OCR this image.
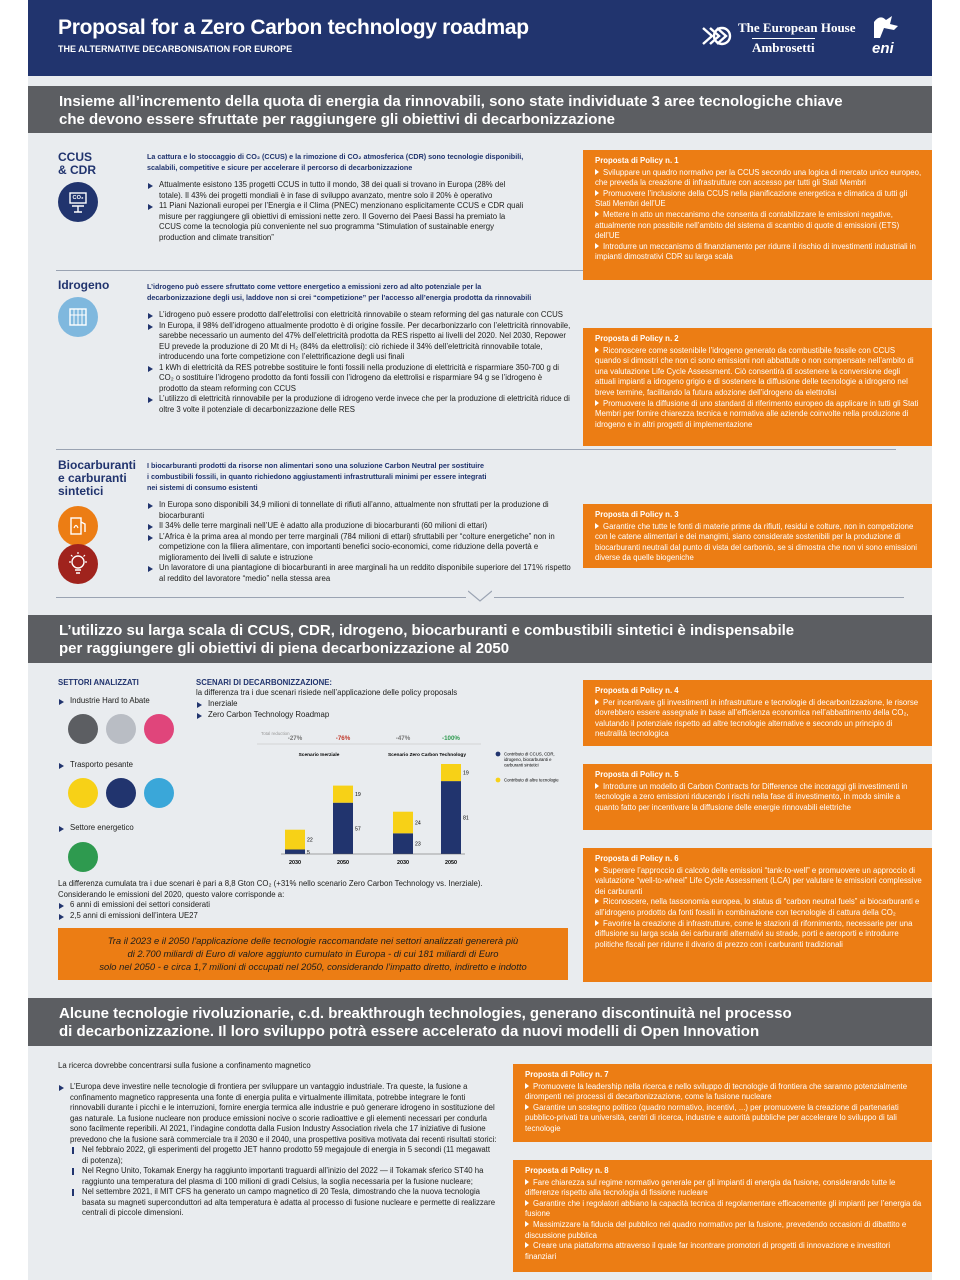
Proposal for a Zero Carbon technology roadmap
THE ALTERNATIVE DECARBONISATION FOR EUROPE
The European House
Ambrosetti	eni
Insieme all’incremento della quota di energia da rinnovabili, sono state individuate 3 aree tecnologiche chiave
che devono essere sfruttate per raggiungere gli obiettivi di decarbonizzazione
CCUS
& CDR
CO₂
La cattura e lo stoccaggio di CO₂ (CCUS) e la rimozione di CO₂ atmosferica (CDR) sono tecnologie disponibili,
scalabili, competitive e sicure per accelerare il percorso di decarbonizzazione
Attualmente esistono 135 progetti CCUS in tutto il mondo, 38 dei quali si trovano in Europa (28% del totale). Il 43% dei progetti mondiali è in fase di sviluppo avanzato, mentre solo il 20% è operativo
11 Piani Nazionali europei per l’Energia e il Clima (PNEC) menzionano esplicitamente CCUS e CDR quali misure per raggiungere gli obiettivi di emissioni nette zero. Il Governo dei Paesi Bassi ha premiato la CCUS come la tecnologia più conveniente nel suo programma “Stimulation of sustainable energy production and climate transition”
Idrogeno	L’idrogeno può essere sfruttato come vettore energetico a emissioni zero ad alto potenziale per la
decarbonizzazione degli usi, laddove non si crei “competizione” per l’accesso all’energia prodotta da rinnovabili
L’idrogeno può essere prodotto dall’elettrolisi con elettricità rinnovabile o steam reforming del gas naturale con CCUS
In Europa, il 98% dell’idrogeno attualmente prodotto è di origine fossile. Per decarbonizzarlo con l’elettricità rinnovabile, sarebbe necessario un aumento del 47% dell’elettricità prodotta da RES rispetto ai livelli del 2020. Nel 2030, Repower EU prevede la produzione di 20 Mt di H₂ (84% da elettrolisi): ciò richiede il 34% dell’elettricità rinnovabile totale, introducendo una forte competizione con l’elettrificazione degli usi finali
1 kWh di elettricità da RES potrebbe sostituire le fonti fossili nella produzione di elettricità e risparmiare 350-700 g di CO₂ o sostituire l’idrogeno prodotto da fonti fossili con l’idrogeno da elettrolisi e risparmiare 94 g se l’idrogeno è prodotto da steam reforming con CCUS
L’utilizzo di elettricità rinnovabile per la produzione di idrogeno verde invece che per la produzione di elettricità riduce di oltre 3 volte il potenziale di decarbonizzazione delle RES
Biocarburanti
e carburanti
sintetici
I biocarburanti prodotti da risorse non alimentari sono una soluzione Carbon Neutral per sostituire
i combustibili fossili, in quanto richiedono aggiustamenti infrastrutturali minimi per essere integrati
nei sistemi di consumo esistenti
In Europa sono disponibili 34,9 milioni di tonnellate di rifiuti all’anno, attualmente non sfruttati per la produzione di biocarburanti
Il 34% delle terre marginali nell’UE è adatto alla produzione di biocarburanti (60 milioni di ettari)
L’Africa è la prima area al mondo per terre marginali (784 milioni di ettari) sfruttabili per “colture energetiche” non in competizione con la filiera alimentare, con importanti benefici socio-economici, come riduzione della povertà e miglioramento dei livelli di salute e istruzione
Un lavoratore di una piantagione di biocarburanti in aree marginali ha un reddito disponibile superiore del 171% rispetto al reddito del lavoratore “medio” nella stessa area
Proposta di Policy n. 1
Sviluppare un quadro normativo per la CCUS secondo una logica di mercato unico europeo, che preveda la creazione di infrastrutture con accesso per tutti gli Stati Membri
Promuovere l’inclusione della CCUS nella pianificazione energetica e climatica di tutti gli Stati Membri dell’UE
Mettere in atto un meccanismo che consenta di contabilizzare le emissioni negative, attualmente non possibile nell’ambito del sistema di scambio di quote di emissioni (ETS) dell’UE
Introdurre un meccanismo di finanziamento per ridurre il rischio di investimenti industriali in impianti dimostrativi CDR su larga scala
Proposta di Policy n. 2
Riconoscere come sostenibile l’idrogeno generato da combustibile fossile con CCUS quando si dimostri che non ci sono emissioni non abbattute o non compensate nell’ambito di una valutazione Life Cycle Assessment. Ciò consentirà di sostenere la conversione degli attuali impianti a idrogeno grigio e di sostenere la diffusione delle tecnologie a idrogeno nel breve termine, facilitando la futura adozione dell’idrogeno da elettrolisi
Promuovere la diffusione di uno standard di riferimento europeo da applicare in tutti gli Stati Membri per fornire chiarezza tecnica e normativa alle aziende coinvolte nella produzione di idrogeno e in altri progetti di implementazione
Proposta di Policy n. 3
Garantire che tutte le fonti di materie prime da rifiuti, residui e colture, non in competizione con le catene alimentari e dei mangimi, siano considerate sostenibili per la produzione di biocarburanti neutrali dal punto di vista del carbonio, se si dimostra che non vi sono emissioni diverse da quelle biogeniche
L’utilizzo su larga scala di CCUS, CDR, idrogeno, biocarburanti e combustibili sintetici è indispensabile
per raggiungere gli obiettivi di piena decarbonizzazione al 2050
SETTORI ANALIZZATI
Industrie Hard to Abate
Trasporto pesante
Settore energetico
SCENARI DI DECARBONIZZAZIONE:
la differenza tra i due scenari risiede nell’applicazione delle policy proposals
Inerziale
Zero Carbon Technology Roadmap
Total reduction
-27%	-76%	-47%	-100%
Scenario Inerziale	Scenario Zero Carbon Technology
5
22
2030
57
19
2050
23
24
2030
81
19
2050
Contributo di CCUS, CDR,
idrogeno, biocarburanti e
carburanti sintetici
Contributo di altre tecnologie
La differenza cumulata tra i due scenari è pari a 8,8 Gton CO₂ (+31% nello scenario Zero Carbon Technology vs. Inerziale).
Considerando le emissioni del 2020, questo valore corrisponde a:
6 anni di emissioni dei settori considerati
2,5 anni di emissioni dell’intera UE27
Tra il 2023 e il 2050 l’applicazione delle tecnologie raccomandate nei settori analizzati genererà più
di 2.700 miliardi di Euro di valore aggiunto cumulato in Europa - di cui 181 miliardi di Euro
solo nel 2050 - e circa 1,7 milioni di occupati nel 2050, considerando l’impatto diretto, indiretto e indotto
Proposta di Policy n. 4
Per incentivare gli investimenti in infrastrutture e tecnologie di decarbonizzazione, le risorse dovrebbero essere assegnate in base all’efficienza economica nell’abbattimento della CO₂, valutando il potenziale rispetto ad altre tecnologie alternative e secondo un principio di neutralità tecnologica
Proposta di Policy n. 5
Introdurre un modello di Carbon Contracts for Difference che incoraggi gli investimenti in tecnologie a zero emissioni riducendo i rischi nella fase di investimento, in modo simile a quanto fatto per incentivare la diffusione delle energie rinnovabili elettriche
Proposta di Policy n. 6
Superare l’approccio di calcolo delle emissioni “tank-to-well” e promuovere un approccio di valutazione “well-to-wheel” Life Cycle Assessment (LCA) per valutare le emissioni complessive dei carburanti
Riconoscere, nella tassonomia europea, lo status di “carbon neutral fuels” ai biocarburanti e all’idrogeno prodotto da fonti fossili in combinazione con tecnologie di cattura della CO₂
Favorire la creazione di infrastrutture, come le stazioni di rifornimento, necessarie per una diffusione su larga scala dei carburanti alternativi su strade, porti e aeroporti e introdurre politiche fiscali per ridurre il divario di prezzo con i carburanti tradizionali
Alcune tecnologie rivoluzionarie, c.d. breakthrough technologies, generano discontinuità nel processo
di decarbonizzazione. Il loro sviluppo potrà essere accelerato da nuovi modelli di Open Innovation
La ricerca dovrebbe concentrarsi sulla fusione a confinamento magnetico
L’Europa deve investire nelle tecnologie di frontiera per sviluppare un vantaggio industriale. Tra queste, la fusione a confinamento magnetico rappresenta una fonte di energia pulita e virtualmente illimitata, potrebbe integrare le fonti rinnovabili durante i picchi e le interruzioni, fornire energia termica alle industrie e può generare idrogeno in sostituzione del gas naturale. La fusione nucleare non produce emissioni nocive o scorie radioattive e gli elementi necessari per condurla sono facilmente reperibili. Al 2021, l’indagine condotta dalla Fusion Industry Association rivela che 17 iniziative di fusione prevedono che la fusione sarà commerciale tra il 2030 e il 2040, una prospettiva positiva motivata dai recenti risultati storici:
Nel febbraio 2022, gli esperimenti del progetto JET hanno prodotto 59 megajoule di energia in 5 secondi (11 megawatt di potenza);
Nel Regno Unito, Tokamak Energy ha raggiunto importanti traguardi all’inizio del 2022 — il Tokamak sferico ST40 ha raggiunto una temperatura del plasma di 100 milioni di gradi Celsius, la soglia necessaria per la fusione nucleare;
Nel settembre 2021, il MIT CFS ha generato un campo magnetico di 20 Tesla, dimostrando che la nuova tecnologia basata su magneti superconduttori ad alta temperatura è adatta al processo di fusione nucleare e permette di realizzare centrali di piccole dimensioni.
Proposta di Policy n. 7
Promuovere la leadership nella ricerca e nello sviluppo di tecnologie di frontiera che saranno potenzialmente dirompenti nei processi di decarbonizzazione, come la fusione nucleare
Garantire un sostegno politico (quadro normativo, incentivi, ...) per promuovere la creazione di partenariati pubblico-privati tra università, centri di ricerca, industrie e autorità pubbliche per accelerare lo sviluppo di tali tecnologie
Proposta di Policy n. 8
Fare chiarezza sul regime normativo generale per gli impianti di energia da fusione, considerando tutte le differenze rispetto alla tecnologia di fissione nucleare
Garantire che i regolatori abbiano la capacità tecnica di regolamentare efficacemente gli impianti per l’energia da fusione
Massimizzare la fiducia del pubblico nel quadro normativo per la fusione, prevedendo occasioni di dibattito e discussione pubblica
Creare una piattaforma attraverso il quale far incontrare promotori di progetti di innovazione e investitori finanziari
